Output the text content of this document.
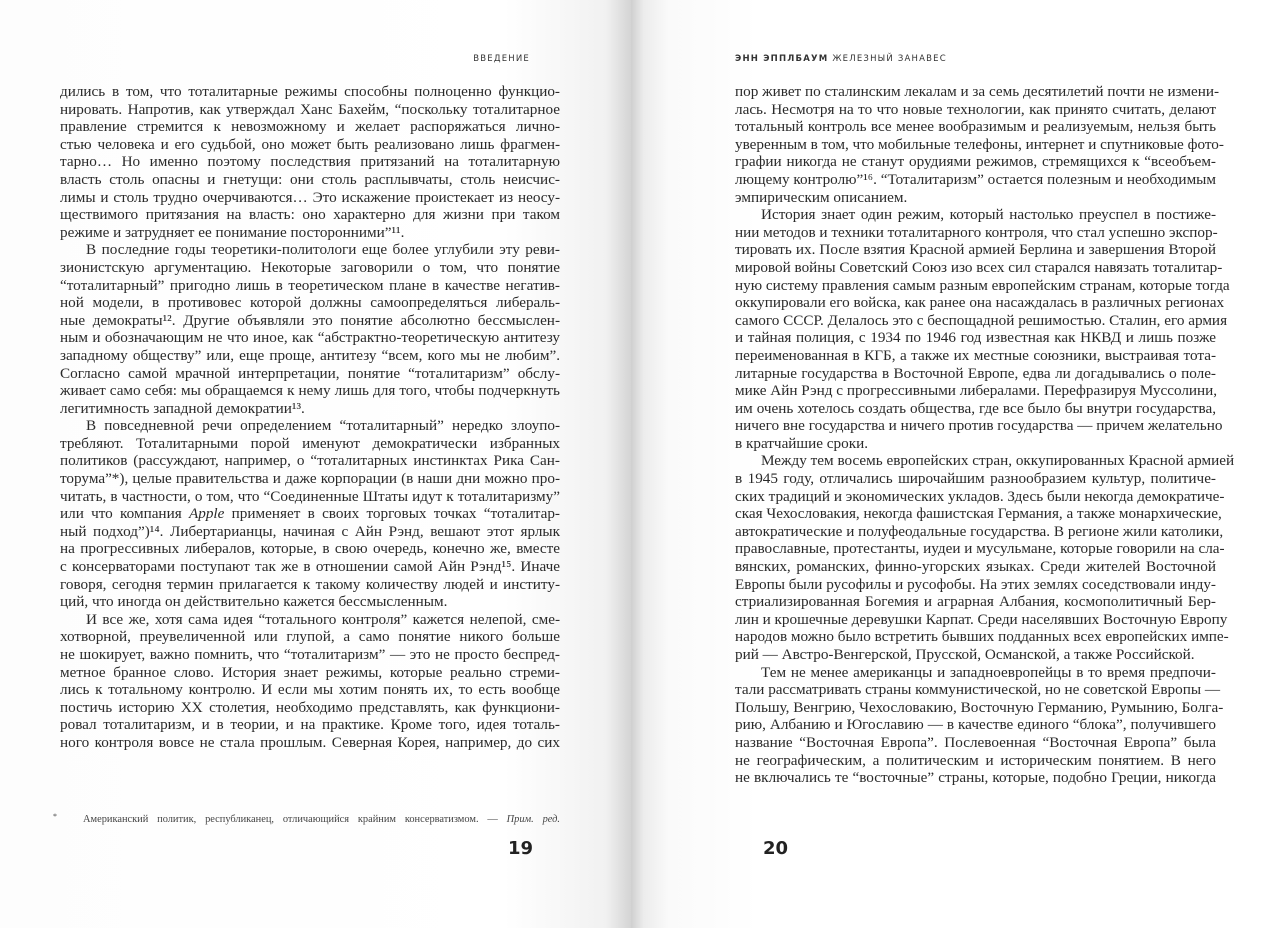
ВВЕДЕНИЕ
дились в том, что тоталитарные режимы способны полноценно функцио-
нировать. Напротив, как утверждал Ханс Бахейм, “поскольку тоталитарное
правление стремится к невозможному и желает распоряжаться лично-
стью человека и его судьбой, оно может быть реализовано лишь фрагмен-
тарно… Но именно поэтому последствия притязаний на тоталитарную
власть столь опасны и гнетущи: они столь расплывчаты, столь неисчис-
лимы и столь трудно очерчиваются… Это искажение проистекает из неосу-
ществимого притязания на власть: оно характерно для жизни при таком
режиме и затрудняет ее понимание посторонними”¹¹.
В последние годы теоретики-политологи еще более углубили эту реви-
зионистскую аргументацию. Некоторые заговорили о том, что понятие
“тоталитарный” пригодно лишь в теоретическом плане в качестве негатив-
ной модели, в противовес которой должны самоопределяться либераль-
ные демократы¹². Другие объявляли это понятие абсолютно бессмыслен-
ным и обозначающим не что иное, как “абстрактно-теоретическую антитезу
западному обществу” или, еще проще, антитезу “всем, кого мы не любим”.
Согласно самой мрачной интерпретации, понятие “тоталитаризм” обслу-
живает само себя: мы обращаемся к нему лишь для того, чтобы подчеркнуть
легитимность западной демократии¹³.
В повседневной речи определением “тоталитарный” нередко злоупо-
требляют. Тоталитарными порой именуют демократически избранных
политиков (рассуждают, например, о “тоталитарных инстинктах Рика Сан-
торума”*), целые правительства и даже корпорации (в наши дни можно про-
читать, в частности, о том, что “Соединенные Штаты идут к тоталитаризму”
или что компания Apple применяет в своих торговых точках “тоталитар-
ный подход”)¹⁴. Либертарианцы, начиная с Айн Рэнд, вешают этот ярлык
на прогрессивных либералов, которые, в свою очередь, конечно же, вместе
с консерваторами поступают так же в отношении самой Айн Рэнд¹⁵. Иначе
говоря, сегодня термин прилагается к такому количеству людей и институ-
ций, что иногда он действительно кажется бессмысленным.
И все же, хотя сама идея “тотального контроля” кажется нелепой, сме-
хотворной, преувеличенной или глупой, а само понятие никого больше
не шокирует, важно помнить, что “тоталитаризм” — это не просто беспред-
метное бранное слово. История знает режимы, которые реально стреми-
лись к тотальному контролю. И если мы хотим понять их, то есть вообще
постичь историю XX столетия, необходимо представлять, как функциони-
ровал тоталитаризм, и в теории, и на практике. Кроме того, идея тоталь-
ного контроля вовсе не стала прошлым. Северная Корея, например, до сих
*	Американский политик, республиканец, отличающийся крайним консерватизмом. — Прим. ред.
19
ЭНН ЭППЛБАУМ ЖЕЛЕЗНЫЙ ЗАНАВЕС
пор живет по сталинским лекалам и за семь десятилетий почти не измени-
лась. Несмотря на то что новые технологии, как принято считать, делают
тотальный контроль все менее вообразимым и реализуемым, нельзя быть
уверенным в том, что мобильные телефоны, интернет и спутниковые фото-
графии никогда не станут орудиями режимов, стремящихся к “всеобъем-
лющему контролю”¹⁶. “Тоталитаризм” остается полезным и необходимым
эмпирическим описанием.
История знает один режим, который настолько преуспел в постиже-
нии методов и техники тоталитарного контроля, что стал успешно экспор-
тировать их. После взятия Красной армией Берлина и завершения Второй
мировой войны Советский Союз изо всех сил старался навязать тоталитар-
ную систему правления самым разным европейским странам, которые тогда
оккупировали его войска, как ранее она насаждалась в различных регионах
самого СССР. Делалось это с беспощадной решимостью. Сталин, его армия
и тайная полиция, с 1934 по 1946 год известная как НКВД и лишь позже
переименованная в КГБ, а также их местные союзники, выстраивая тота-
литарные государства в Восточной Европе, едва ли догадывались о поле-
мике Айн Рэнд с прогрессивными либералами. Перефразируя Муссолини,
им очень хотелось создать общества, где все было бы внутри государства,
ничего вне государства и ничего против государства — причем желательно
в кратчайшие сроки.
Между тем восемь европейских стран, оккупированных Красной армией
в 1945 году, отличались широчайшим разнообразием культур, политиче-
ских традиций и экономических укладов. Здесь были некогда демократиче-
ская Чехословакия, некогда фашистская Германия, а также монархические,
автократические и полуфеодальные государства. В регионе жили католики,
православные, протестанты, иудеи и мусульмане, которые говорили на сла-
вянских, романских, финно-угорских языках. Среди жителей Восточной
Европы были русофилы и русофобы. На этих землях соседствовали инду-
стриализированная Богемия и аграрная Албания, космополитичный Бер-
лин и крошечные деревушки Карпат. Среди населявших Восточную Европу
народов можно было встретить бывших подданных всех европейских импе-
рий — Австро-Венгерской, Прусской, Османской, а также Российской.
Тем не менее американцы и западноевропейцы в то время предпочи-
тали рассматривать страны коммунистической, но не советской Европы —
Польшу, Венгрию, Чехословакию, Восточную Германию, Румынию, Болга-
рию, Албанию и Югославию — в качестве единого “блока”, получившего
название “Восточная Европа”. Послевоенная “Восточная Европа” была
не географическим, а политическим и историческим понятием. В него
не включались те “восточные” страны, которые, подобно Греции, никогда
20
